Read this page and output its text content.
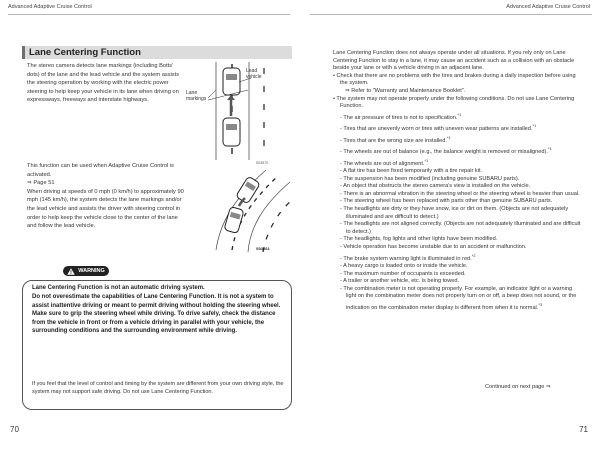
Advanced Adaptive Cruise Control	Advanced Adaptive Cruise Control
Lane Centering Function

The stereo camera detects lane markings (including Botts' dots) of the lane and the lead vehicle and the system assists the steering operation by working with the electric power steering to help keep your vehicle in its lane when driving on expressways, freeways and interstate highways.

This function can be used when Adaptive Cruise Control is activated.
⇒ Page 51
When driving at speeds of 0 mph (0 km/h) to approximately 90 mph (145 km/h), the system detects the lane markings and/or the lead vehicle and assists the driver with steering control in order to help keep the vehicle close to the center of the lane and follow the lead vehicle.
Lane
markings
Lead
vehicle
S03570
S03661
WARNING
Lane Centering Function is not an automatic driving system.
Do not overestimate the capabilities of Lane Centering Function. It is not a system to assist inattentive driving or meant to permit driving without holding the steering wheel. Make sure to grip the steering wheel while driving. To drive safely, check the distance from the vehicle in front or from a vehicle driving in parallel with your vehicle, the surrounding conditions and the surrounding environment while driving.
If you feel that the level of control and timing by the system are different from your own driving style, the system may not support safe driving. Do not use Lane Centering Function.

Lane Centering Function does not always operate under all situations. If you rely only on Lane Centering Function to stay in a lane, it may cause an accident such as a collision with an obstacle beside your lane or with a vehicle driving in an adjacent lane.

• Check that there are no problems with the tires and brakes during a daily inspection before using the system.

⇒ Refer to "Warranty and Maintenance Booklet".

• The system may not operate properly under the following conditions. Do not use Lane Centering Function.

- The air pressure of tires is not to specification.$^{*1}$

- Tires that are unevenly worn or tires with uneven wear patterns are installed.$^{*1}$

- Tires that are the wrong size are installed.$^{*1}$

- The wheels are out of balance (e.g., the balance weight is removed or misaligned).$^{*1}$

- The wheels are out of alignment.$^{*1}$

- A flat tire has been fixed temporarily with a tire repair kit.

- The suspension has been modified (including genuine SUBARU parts).

- An object that obstructs the stereo camera's view is installed on the vehicle.

- There is an abnormal vibration in the steering wheel or the steering wheel is heavier than usual.

- The steering wheel has been replaced with parts other than genuine SUBARU parts.

- The headlights are dirty or they have snow, ice or dirt on them. (Objects are not adequately illuminated and are difficult to detect.)

- The headlights are not aligned correctly. (Objects are not adequately illuminated and are difficult to detect.)

- The headlights, fog lights and other lights have been modified.

- Vehicle operation has become unstable due to an accident or malfunction.

- The brake system warning light is illuminated in red.$^{*2}$

- A heavy cargo is loaded onto or inside the vehicle.

- The maximum number of occupants is exceeded.

- A trailer or another vehicle, etc. is being towed.

- The combination meter is not operating properly. For example, an indicator light or a warning light on the combination meter does not properly turn on or off, a beep does not sound, or the indication on the combination meter display is different from when it is normal.$^{*3}$

Continued on next page ⇒
70	71
